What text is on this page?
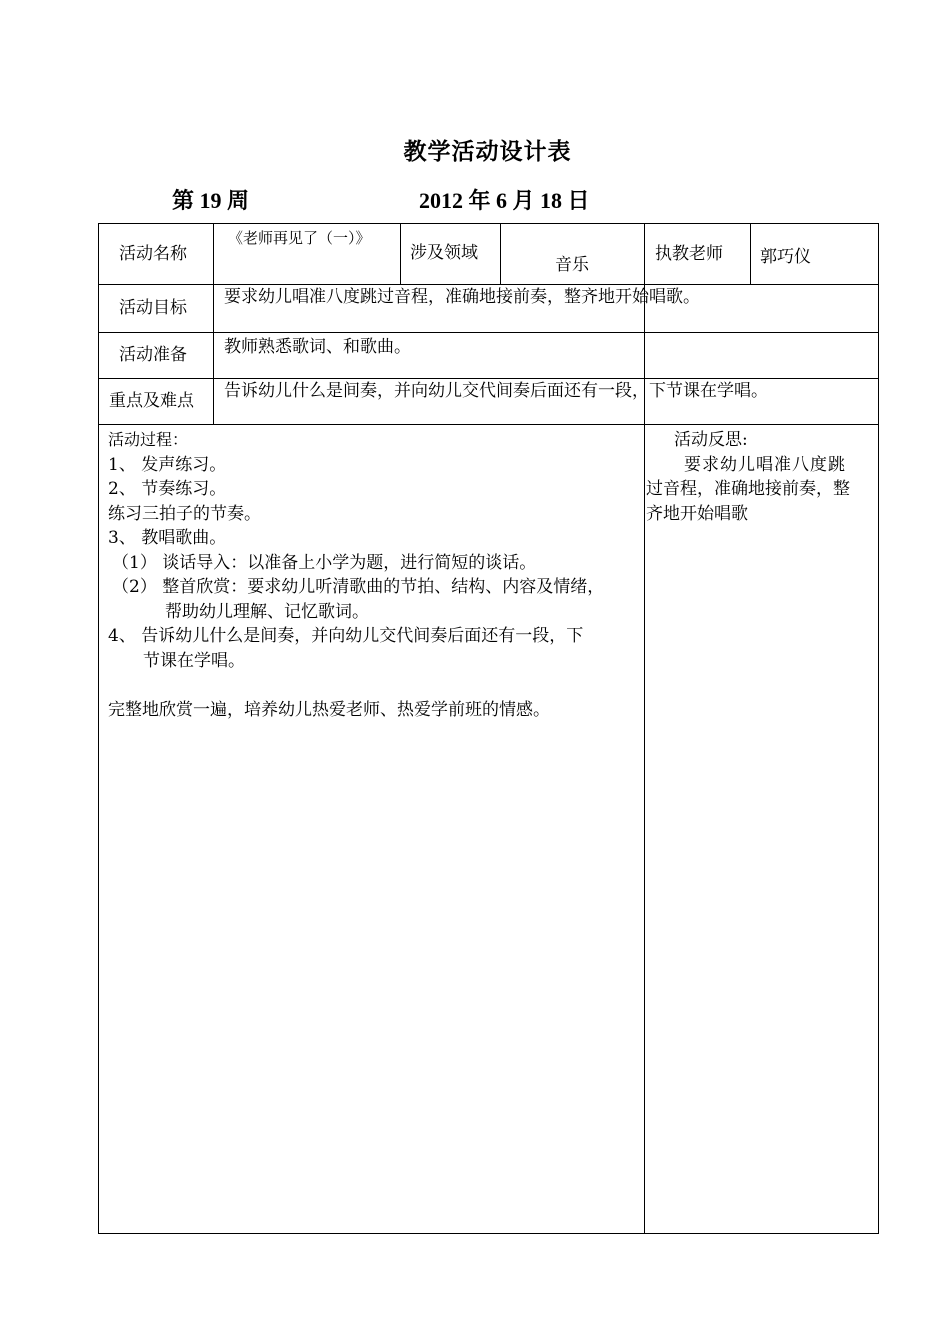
教学活动设计表
第 19 周	2012 年 6 月 18 日
活动名称
《老师再见了（一）》
涉及领域
音乐
执教老师 郭巧仪
活动目标
要求幼儿唱准八度跳过音程，准确地接前奏，整齐地开始唱歌。
活动准备 教师熟悉歌词、和歌曲。
重点及难点 告诉幼儿什么是间奏，并向幼儿交代间奏后面还有一段，下节课在学唱。
活动过程：
1、 发声练习。
2、 节奏练习。
练习三拍子的节奏。
3、 教唱歌曲。
（1） 谈话导入：以准备上小学为题，进行简短的谈话。
（2） 整首欣赏：要求幼儿听清歌曲的节拍、结构、内容及情绪，
帮助幼儿理解、记忆歌词。
4、 告诉幼儿什么是间奏，并向幼儿交代间奏后面还有一段，下
节课在学唱。

完整地欣赏一遍，培养幼儿热爱老师、热爱学前班的情感。
活动反思:
要求幼儿唱准八度跳
过音程，准确地接前奏，整
齐地开始唱歌
